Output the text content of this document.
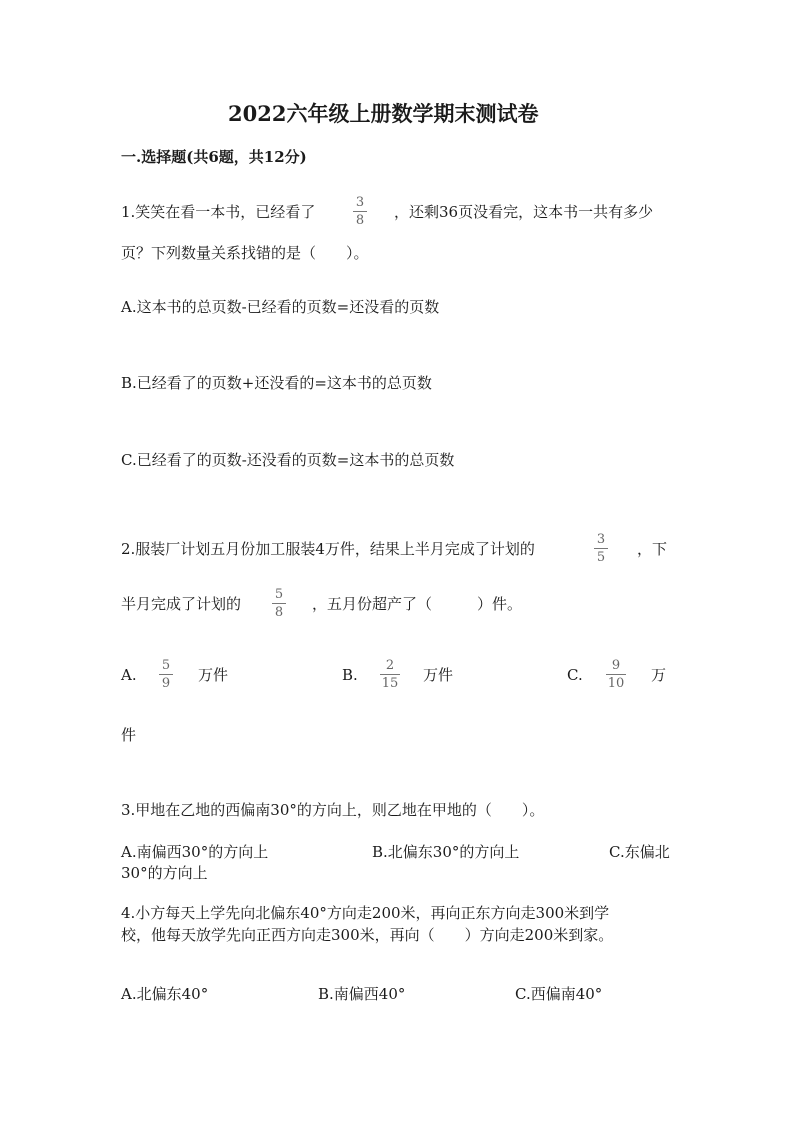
2022六年级上册数学期末测试卷
一.选择题(共6题，共12分)
1.笑笑在看一本书，已经看了
3
8 ，还剩36页没看完，这本书一共有多少
页？下列数量关系找错的是（　　）。
A.这本书的总页数-已经看的页数=还没看的页数
B.已经看了的页数+还没看的=这本书的总页数
C.已经看了的页数-还没看的页数=这本书的总页数
2.服装厂计划五月份加工服装4万件，结果上半月完成了计划的
3
5 ，下
半月完成了计划的
5
8 ，五月份超产了（　　　）件。
A.
5
9 万件	B.
2
15 万件	C.
9
10 万
件
3.甲地在乙地的西偏南30°的方向上，则乙地在甲地的（　　）。
A.南偏西30°的方向上	B.北偏东30°的方向上	C.东偏北
30°的方向上
4.小方每天上学先向北偏东40°方向走200米，再向正东方向走300米到学
校，他每天放学先向正西方向走300米，再向（　　）方向走200米到家。
A.北偏东40°	B.南偏西40°	C.西偏南40°
